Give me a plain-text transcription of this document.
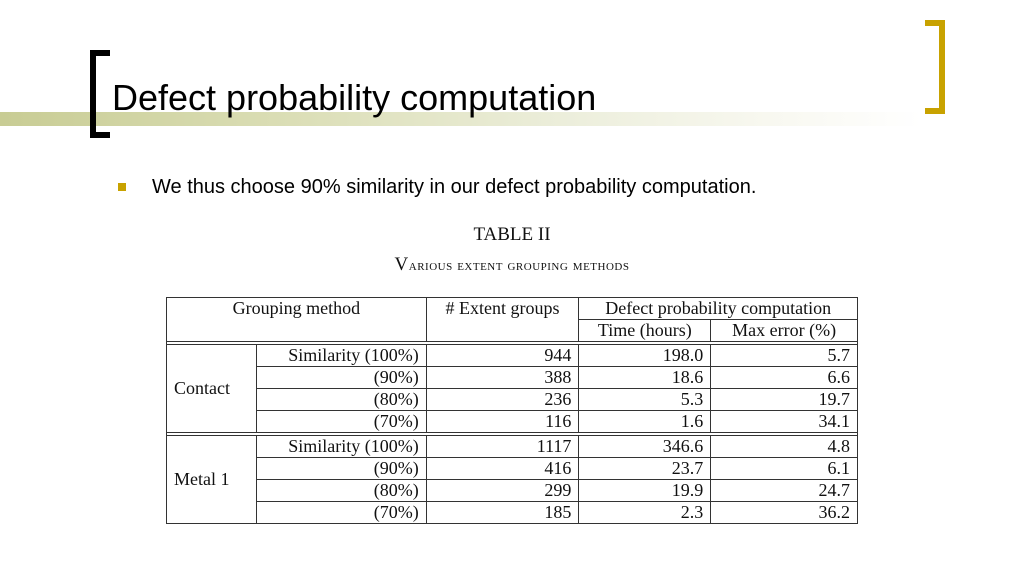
Defect probability computation
We thus choose 90% similarity in our defect probability computation.
TABLE II
Various extent grouping methods
Grouping method		# Extent groups	Defect probability computation	
			Time (hours)	Max error (%)

Contact	Similarity (100%)	944	198.0	5.7
	(90%)	388	18.6	6.6
	(80%)	236	5.3	19.7
	(70%)	116	1.6	34.1

Metal 1	Similarity (100%)	1117	346.6	4.8
	(90%)	416	23.7	6.1
	(80%)	299	19.9	24.7
	(70%)	185	2.3	36.2
